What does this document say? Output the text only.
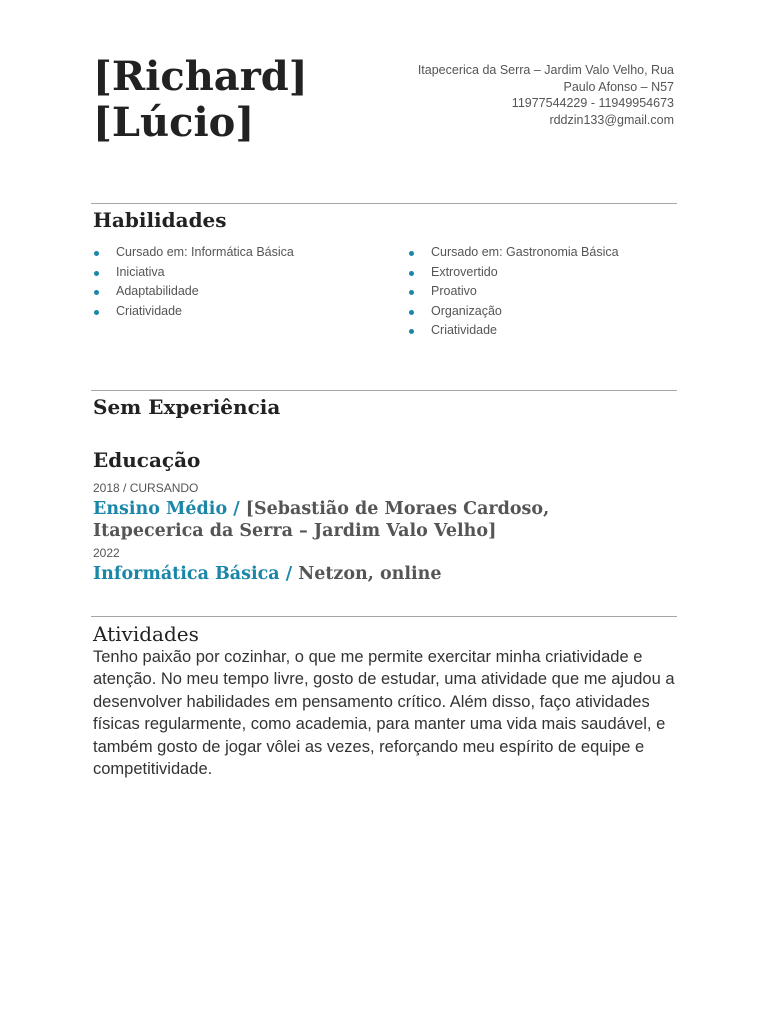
[Richard]
[Lúcio]
Itapecerica da Serra – Jardim Valo Velho, Rua
Paulo Afonso – N57
11977544229 - 11949954673
rddzin133@gmail.com
Habilidades
Cursado em: Informática Básica
Iniciativa
Adaptabilidade
Criatividade
Cursado em: Gastronomia Básica
Extrovertido
Proativo
Organização
Criatividade
Sem Experiência
Educação

2018 / CURSANDO

Ensino Médio / [Sebastião de Moraes Cardoso, Itapecerica da Serra – Jardim Valo Velho]

2022

Informática Básica / Netzon, online

Atividades

Tenho paixão por cozinhar, o que me permite exercitar minha criatividade e atenção. No meu tempo livre, gosto de estudar, uma atividade que me ajudou a desenvolver habilidades em pensamento crítico. Além disso, faço atividades físicas regularmente, como academia, para manter uma vida mais saudável, e também gosto de jogar vôlei as vezes, reforçando meu espírito de equipe e competitividade.
